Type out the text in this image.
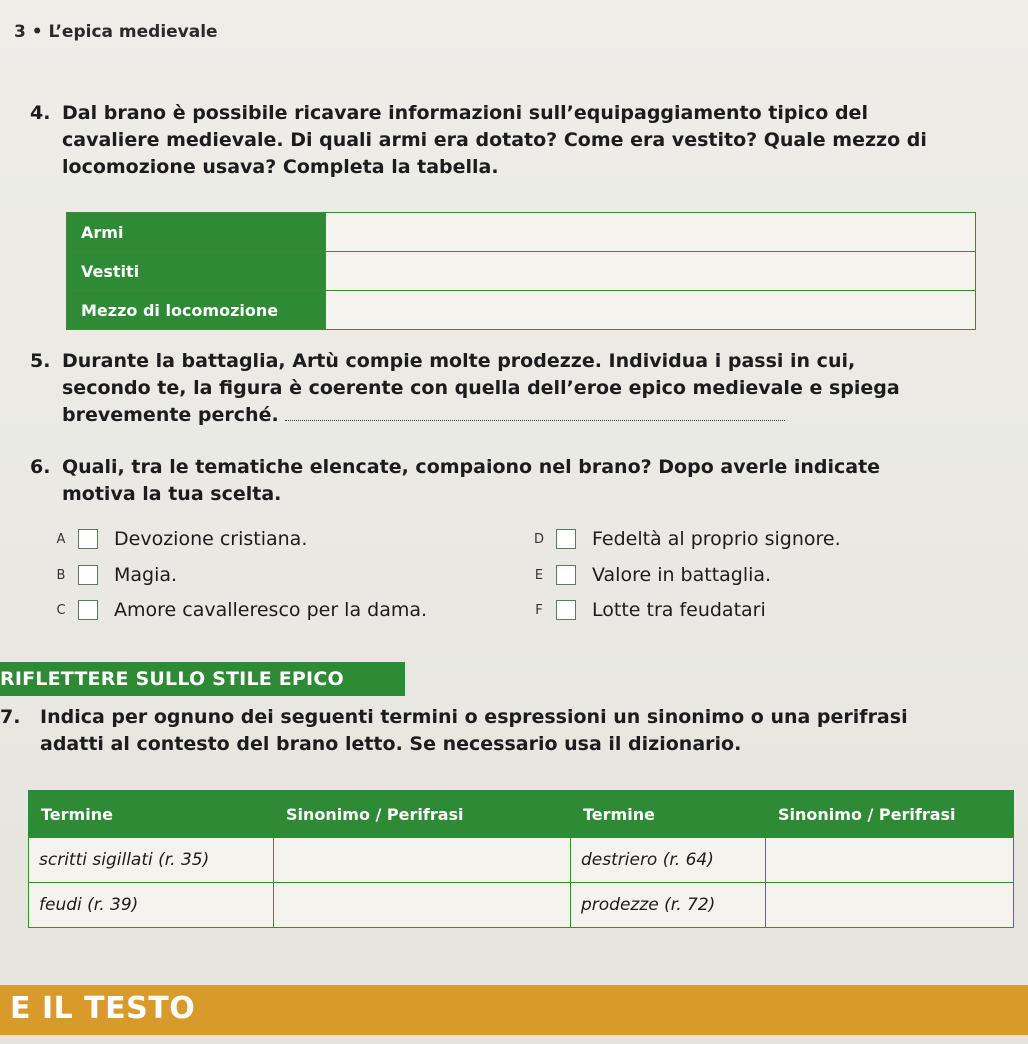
3 • L’epica medievale
4. Dal brano è possibile ricavare informazioni sull’equipaggiamento tipico del
cavaliere medievale. Di quali armi era dotato? Come era vestito? Quale mezzo di
locomozione usava? Completa la tabella.
Armi	
Vestiti	
Mezzo di locomozione	
5. Durante la battaglia, Artù compie molte prodezze. Individua i passi in cui,
secondo te, la figura è coerente con quella dell’eroe epico medievale e spiega
brevemente perché.
6. Quali, tra le tematiche elencate, compaiono nel brano? Dopo averle indicate
motiva la tua scelta.
A	Devozione cristiana.
B	Magia.
C	Amore cavalleresco per la dama.
D	Fedeltà al proprio signore.
E	Valore in battaglia.
F	Lotte tra feudatari
RIFLETTERE SULLO STILE EPICO
7. Indica per ognuno dei seguenti termini o espressioni un sinonimo o una perifrasi
adatti al contesto del brano letto. Se necessario usa il dizionario.
Termine	Sinonimo / Perifrasi	Termine	Sinonimo / Perifrasi
scritti sigillati (r. 35)		destriero (r. 64)	
feudi (r. 39)		prodezze (r. 72)	
E IL TESTO
